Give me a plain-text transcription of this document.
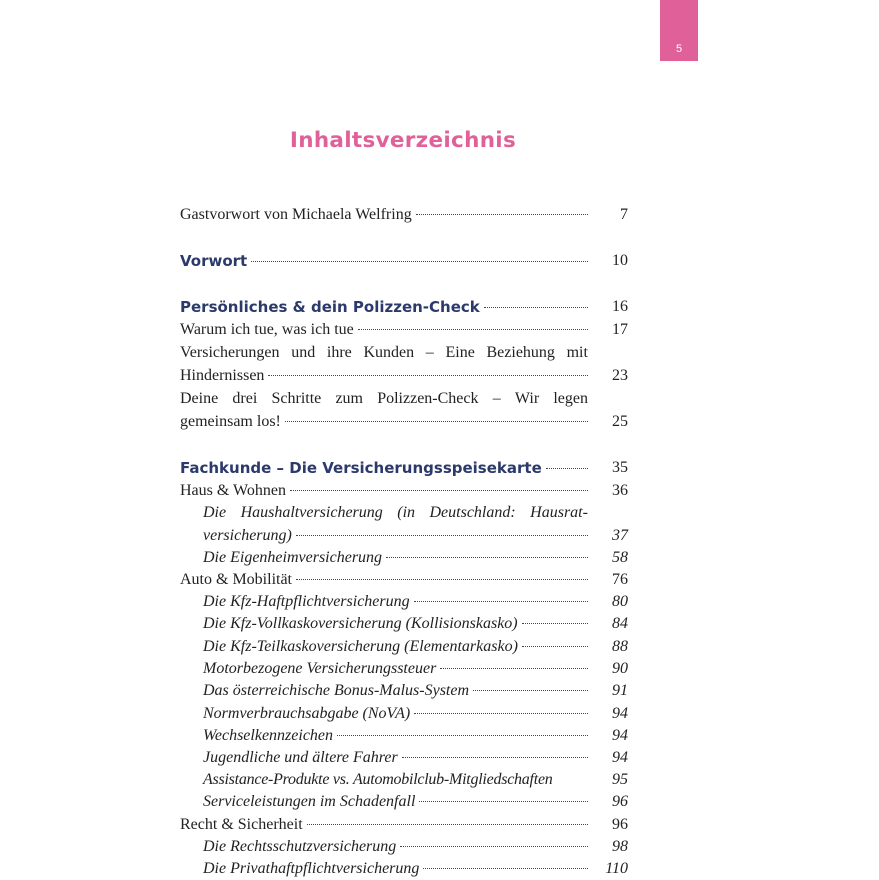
5
Inhaltsverzeichnis
Gastvorwort von Michaela Welfring	7
Vorwort	10
Persönliches & dein Polizzen-Check	16
Warum ich tue, was ich tue	17
Versicherungen und ihre Kunden – Eine Beziehung mit
Hindernissen	23
Deine drei Schritte zum Polizzen-Check – Wir legen
gemeinsam los!	25
Fachkunde – Die Versicherungsspeisekarte	35
Haus & Wohnen	36
Die Haushaltversicherung (in Deutschland: Hausrat-
versicherung)	37
Die Eigenheimversicherung	58
Auto & Mobilität	76
Die Kfz-Haftpflichtversicherung	80
Die Kfz-Vollkaskoversicherung (Kollisionskasko)	84
Die Kfz-Teilkaskoversicherung (Elementarkasko)	88
Motorbezogene Versicherungssteuer	90
Das österreichische Bonus-Malus-System	91
Normverbrauchsabgabe (NoVA)	94
Wechselkennzeichen	94
Jugendliche und ältere Fahrer	94
Assistance-Produkte vs. Automobilclub-Mitgliedschaften	95
Serviceleistungen im Schadenfall	96
Recht & Sicherheit	96
Die Rechtsschutzversicherung	98
Die Privathaftpflichtversicherung	110
